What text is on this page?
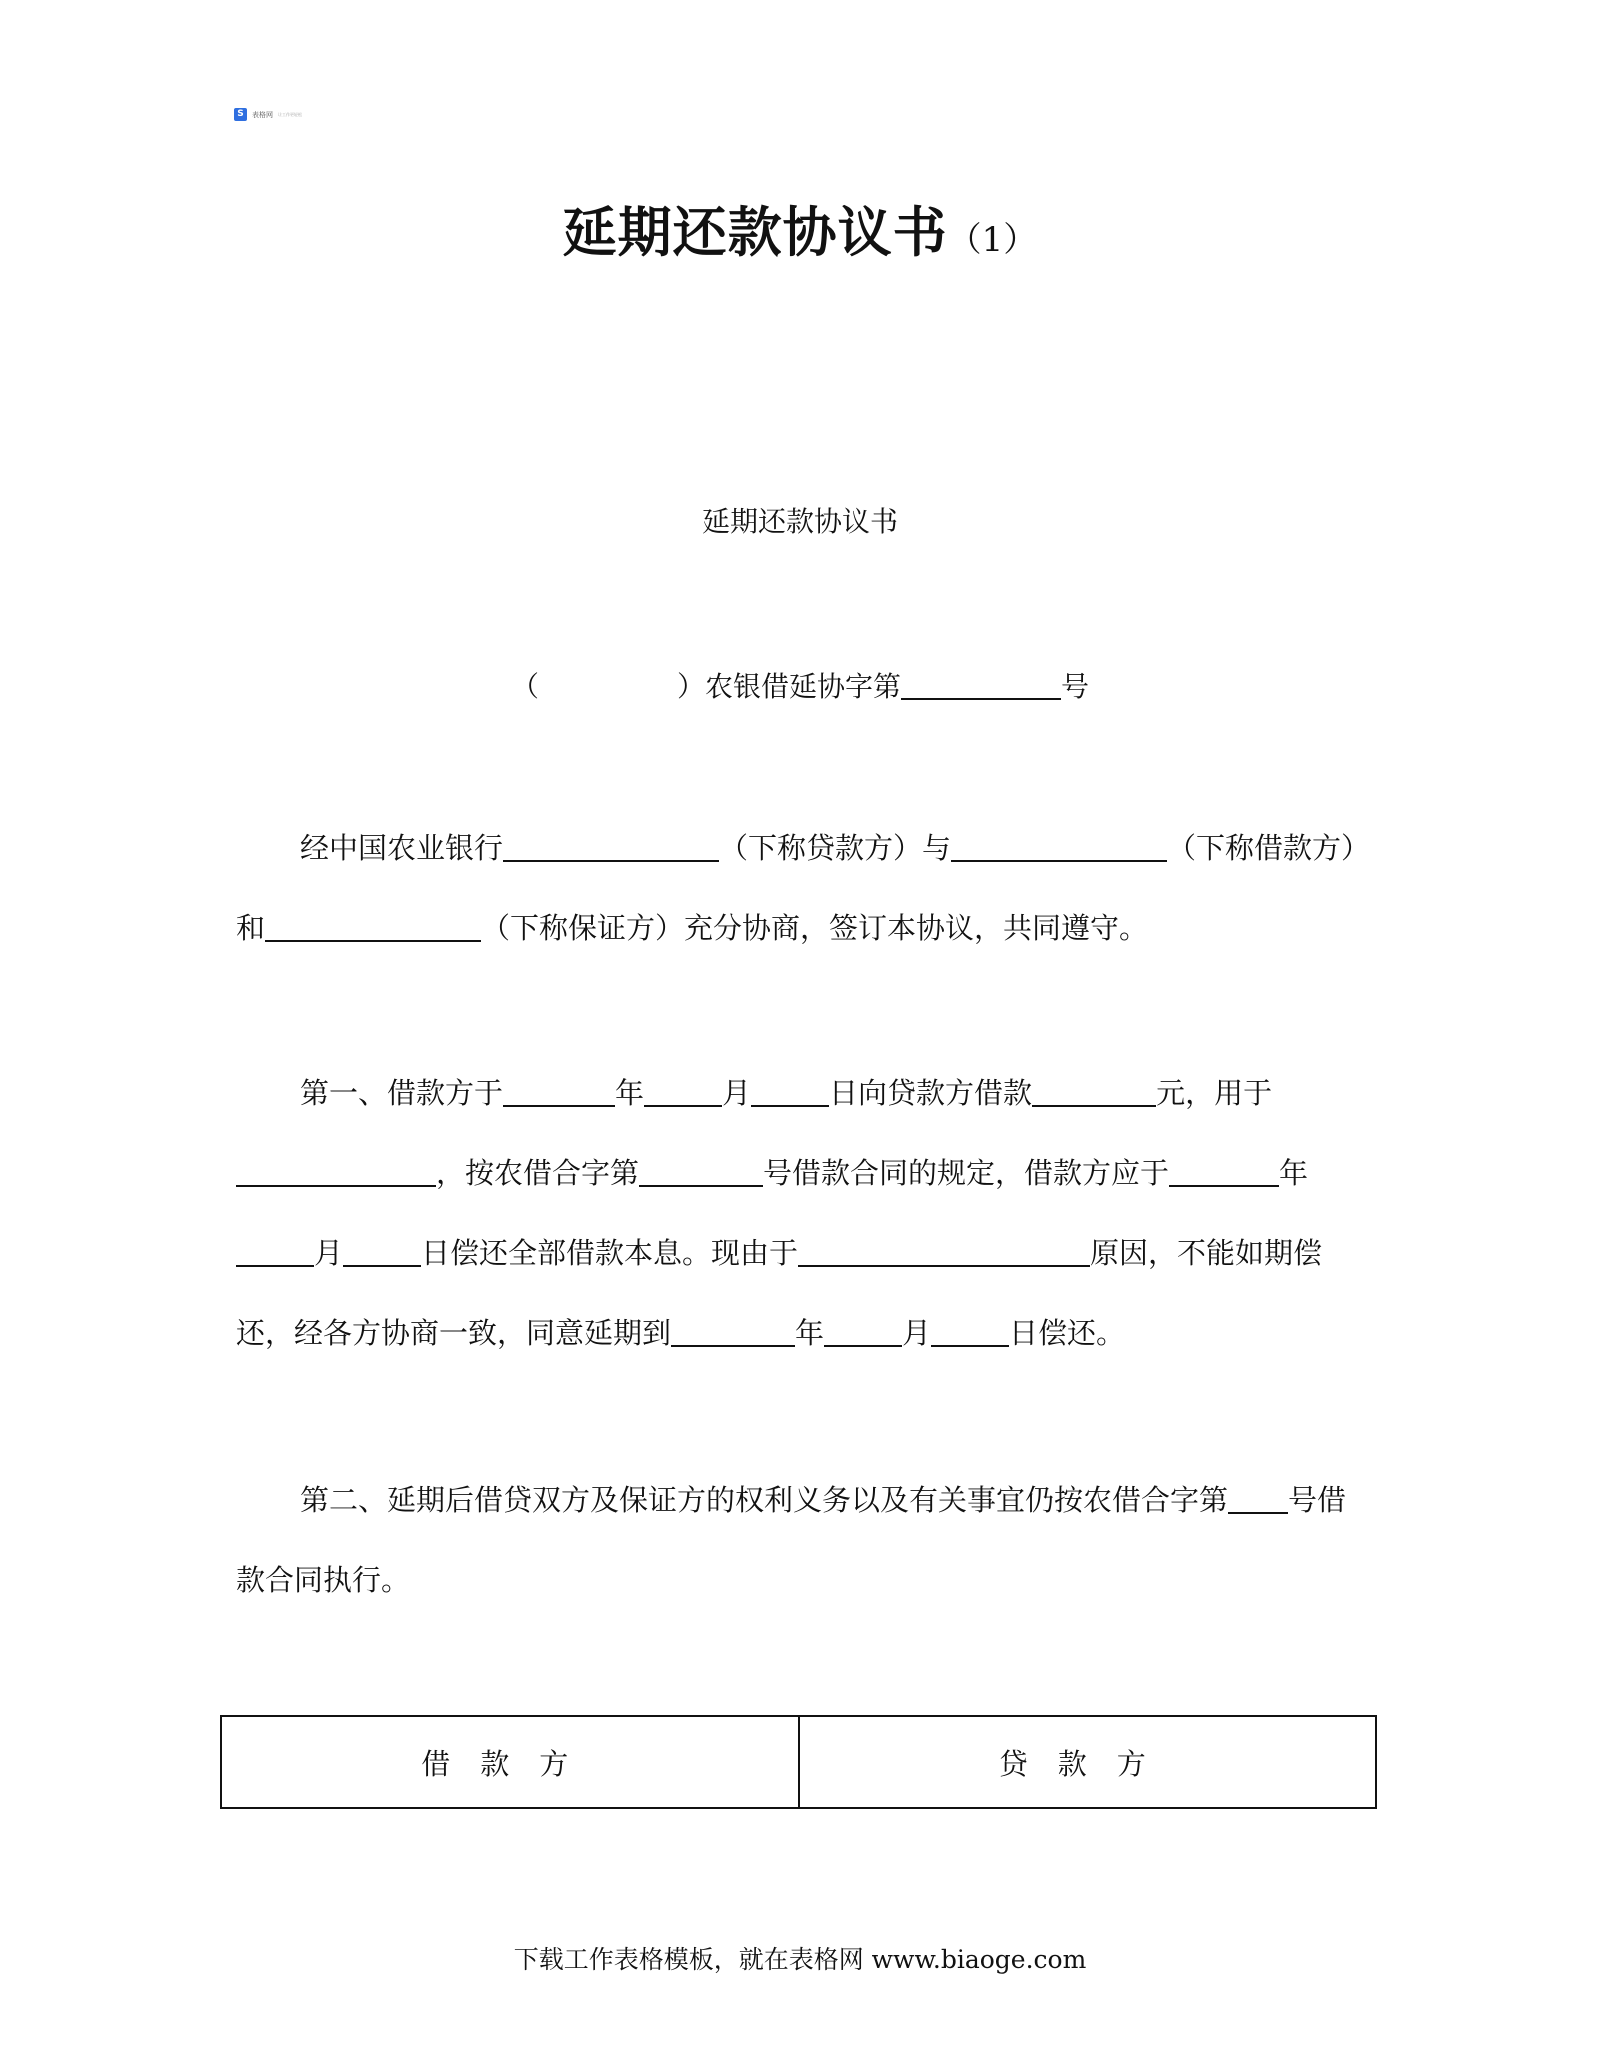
S	表格网 让工作更轻松
延期还款协议书（1）
延期还款协议书
（	）农银借延协字第	号
经中国农业银行	（下称贷款方）与	（下称借款方）和	（下称保证方）充分协商，签订本协议，共同遵守。
第一、借款方于	年	月	日向贷款方借款	元，用于，按农借合字第	号借款合同的规定，借款方应于	年月	日偿还全部借款本息。现由于	原因，不能如期偿还，经各方协商一致，同意延期到	年	月	日偿还。
第二、延期后借贷双方及保证方的权利义务以及有关事宜仍按农借合字第 号借款合同执行。
借款方	贷款方
下载工作表格模板，就在表格网 www.biaoge.com
